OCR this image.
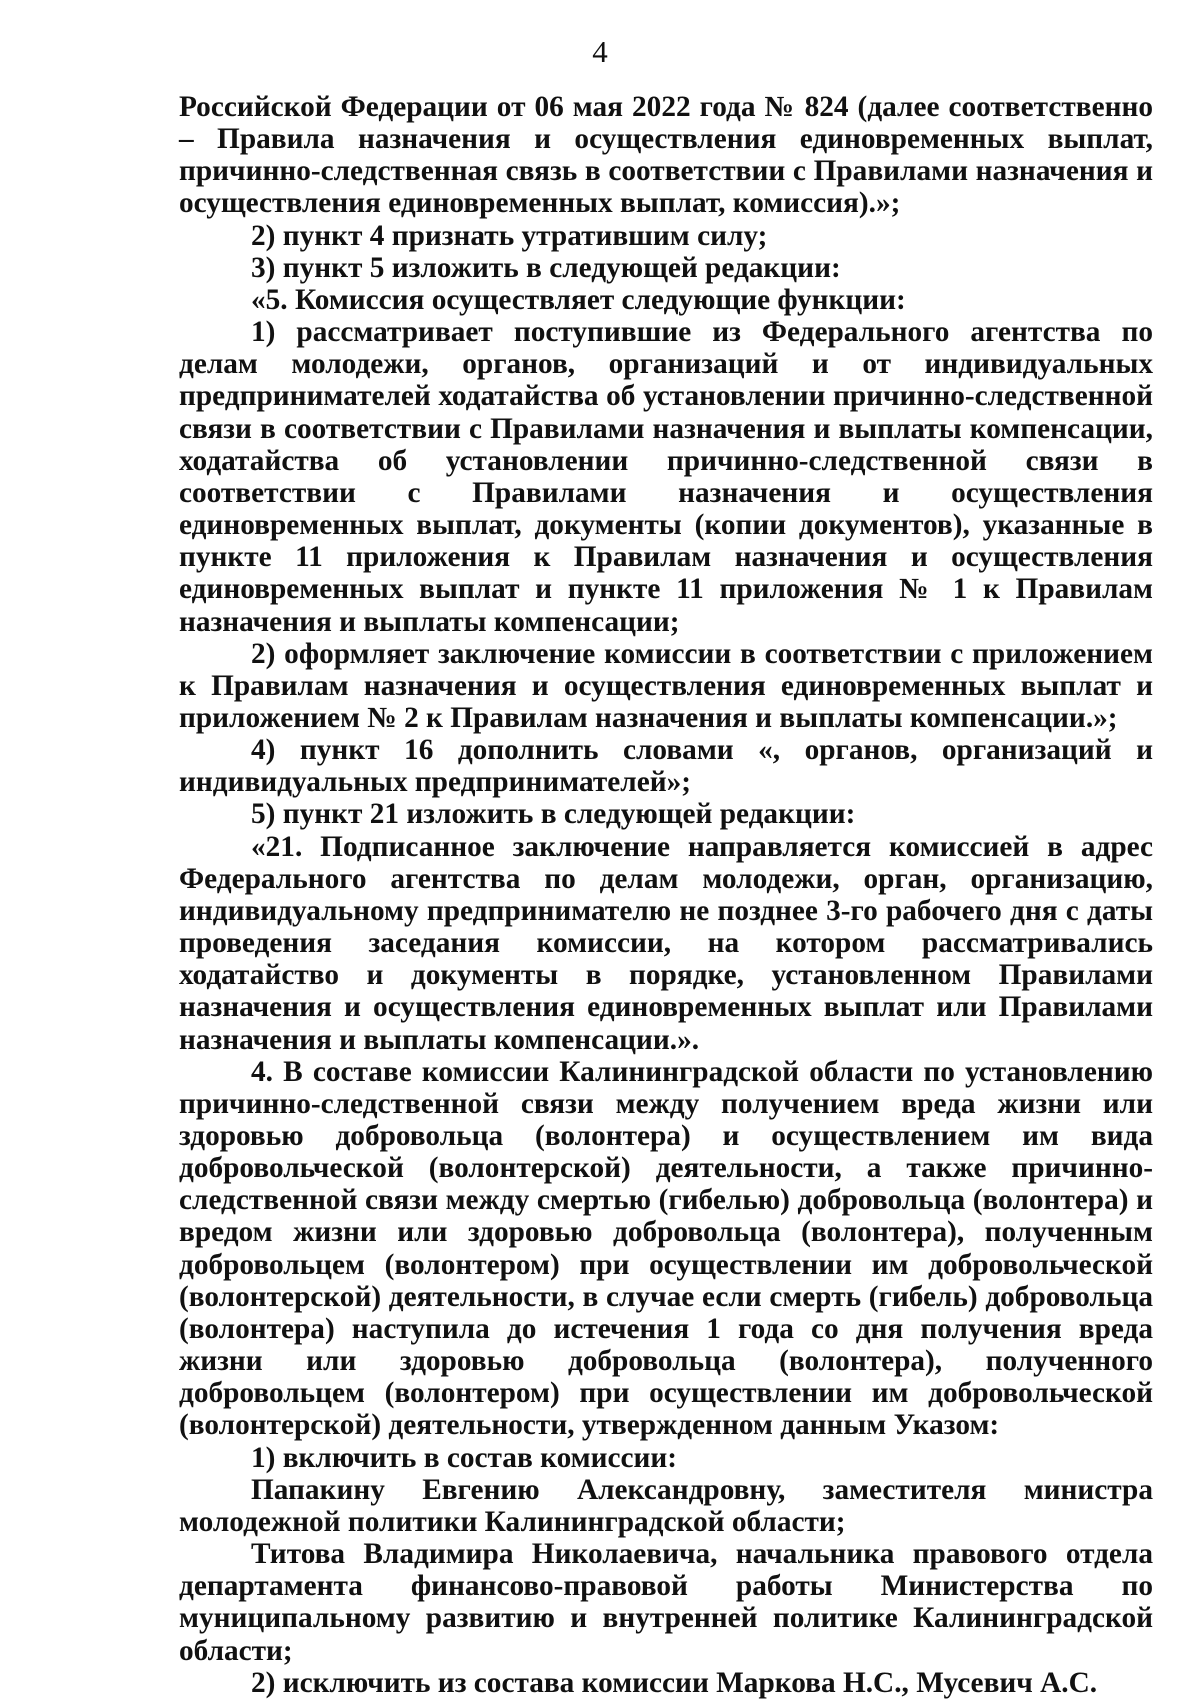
4

Российской Федерации от 06 мая 2022 года № 824 (далее соответственно – Правила назначения и осуществления единовременных выплат, причинно-следственная связь в соответствии с Правилами назначения и осуществления единовременных выплат, комиссия).»;

2) пункт 4 признать утратившим силу;

3) пункт 5 изложить в следующей редакции:

«5. Комиссия осуществляет следующие функции:

1) рассматривает поступившие из Федерального агентства по делам молодежи, органов, организаций и от индивидуальных предпринимателей ходатайства об установлении причинно-следственной связи в соответствии с Правилами назначения и выплаты компенсации, ходатайства об установлении причинно-следственной связи в соответствии с Правилами назначения и осуществления единовременных выплат, документы (копии документов), указанные в пункте 11 приложения к Правилам назначения и осуществления единовременных выплат и пункте 11 приложения № 1 к Правилам назначения и выплаты компенсации;

2) оформляет заключение комиссии в соответствии с приложением к Правилам назначения и осуществления единовременных выплат и приложением № 2 к Правилам назначения и выплаты компенсации.»;

4) пункт 16 дополнить словами «, органов, организаций и индивидуальных предпринимателей»;

5) пункт 21 изложить в следующей редакции:

«21. Подписанное заключение направляется комиссией в адрес Федерального агентства по делам молодежи, орган, организацию, индивидуальному предпринимателю не позднее 3-го рабочего дня с даты проведения заседания комиссии, на котором рассматривались ходатайство и документы в порядке, установленном Правилами назначения и осуществления единовременных выплат или Правилами назначения и выплаты компенсации.».

4. В составе комиссии Калининградской области по установлению причинно-следственной связи между получением вреда жизни или здоровью добровольца (волонтера) и осуществлением им вида добровольческой (волонтерской) деятельности, а также причинно-следственной связи между смертью (гибелью) добровольца (волонтера) и вредом жизни или здоровью добровольца (волонтера), полученным добровольцем (волонтером) при осуществлении им добровольческой (волонтерской) деятельности, в случае если смерть (гибель) добровольца (волонтера) наступила до истечения 1 года со дня получения вреда жизни или здоровью добровольца (волонтера), полученного добровольцем (волонтером) при осуществлении им добровольческой (волонтерской) деятельности, утвержденном данным Указом:

1) включить в состав комиссии:

Папакину Евгению Александровну, заместителя министра молодежной политики Калининградской области;

Титова Владимира Николаевича, начальника правового отдела департамента финансово-правовой работы Министерства по муниципальному развитию и внутренней политике Калининградской области;

2) исключить из состава комиссии Маркова Н.С., Мусевич А.С.
